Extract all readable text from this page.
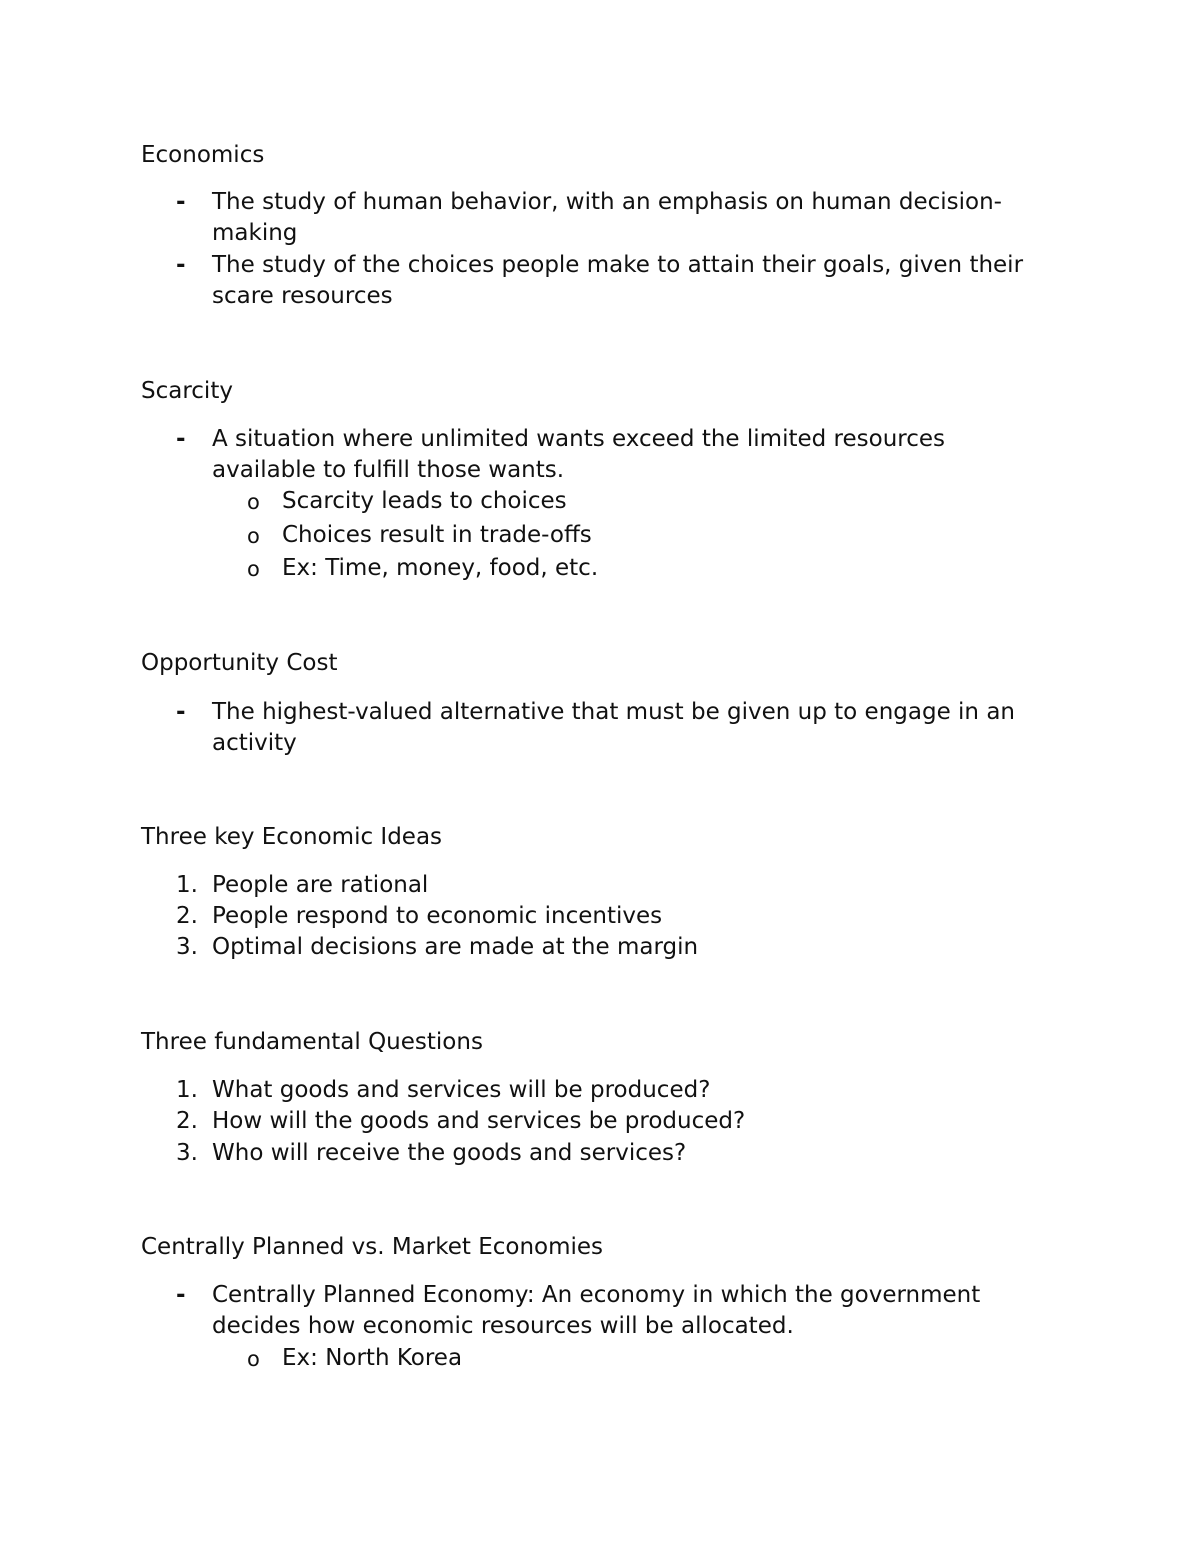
Economics
- The study of human behavior, with an emphasis on human decision-
making
- The study of the choices people make to attain their goals, given their
scare resources
Scarcity
- A situation where unlimited wants exceed the limited resources
available to fulfill those wants.
o Scarcity leads to choices
o Choices result in trade-offs
o Ex: Time, money, food, etc.
Opportunity Cost
- The highest-valued alternative that must be given up to engage in an
activity
Three key Economic Ideas
1. People are rational
2. People respond to economic incentives
3. Optimal decisions are made at the margin
Three fundamental Questions
1. What goods and services will be produced?
2. How will the goods and services be produced?
3. Who will receive the goods and services?
Centrally Planned vs. Market Economies
- Centrally Planned Economy: An economy in which the government
decides how economic resources will be allocated.
o Ex: North Korea
